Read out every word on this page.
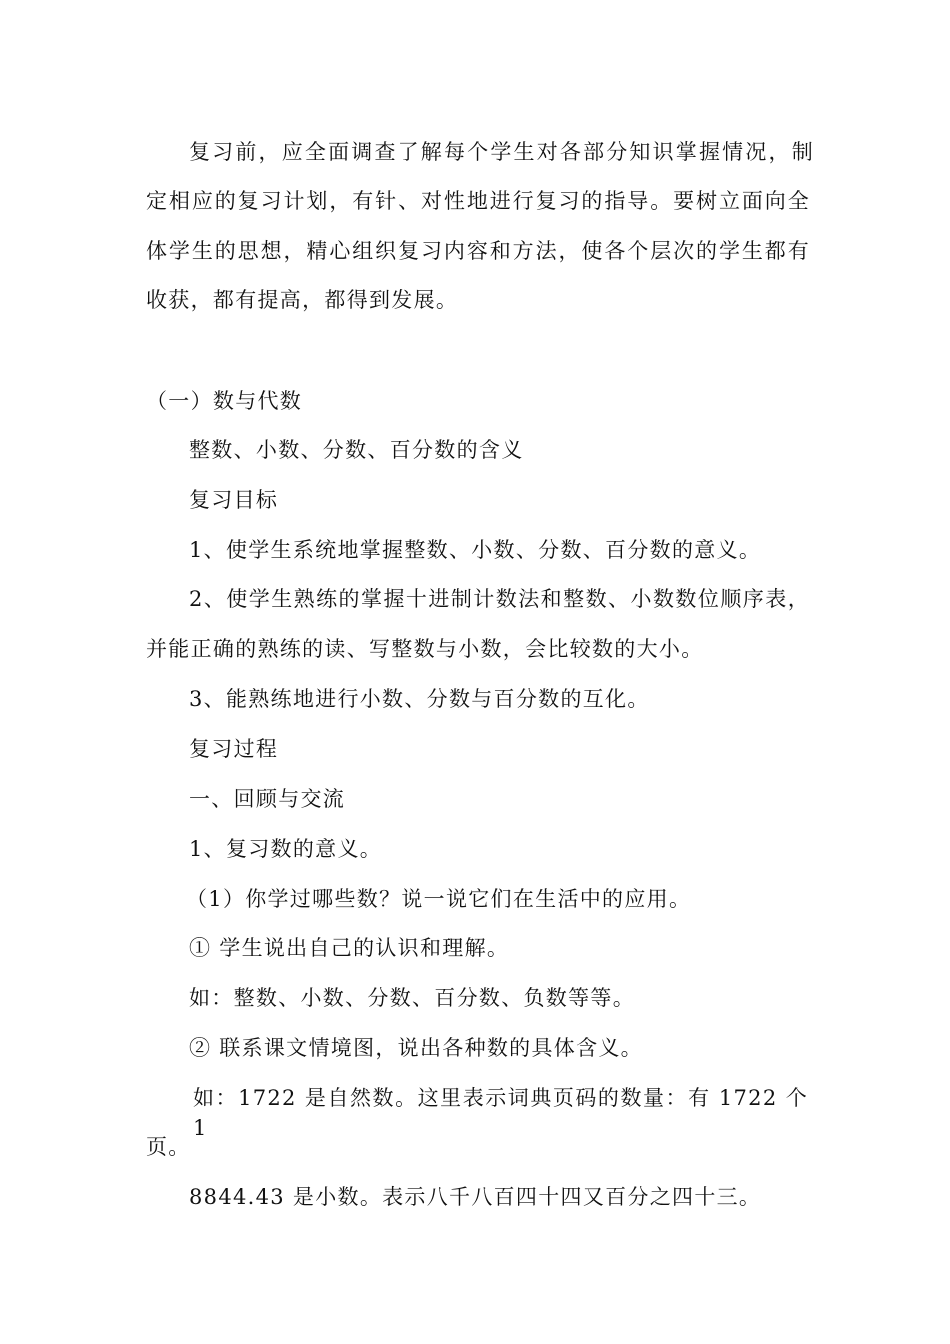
复习前，应全面调查了解每个学生对各部分知识掌握情况，制
定相应的复习计划，有针、对性地进行复习的指导。要树立面向全
体学生的思想，精心组织复习内容和方法，使各个层次的学生都有
收获，都有提高，都得到发展。
（一）数与代数
整数、小数、分数、百分数的含义
复习目标
1、使学生系统地掌握整数、小数、分数、百分数的意义。
2、使学生熟练的掌握十进制计数法和整数、小数数位顺序表，
并能正确的熟练的读、写整数与小数，会比较数的大小。
3、能熟练地进行小数、分数与百分数的互化。
复习过程
一、回顾与交流
1、复习数的意义。
（1）你学过哪些数？说一说它们在生活中的应用。
① 学生说出自己的认识和理解。
如：整数、小数、分数、百分数、负数等等。
② 联系课文情境图，说出各种数的具体含义。
如：1722 是自然数。这里表示词典页码的数量：有 1722 个 1
页。
8844.43 是小数。表示八千八百四十四又百分之四十三。
